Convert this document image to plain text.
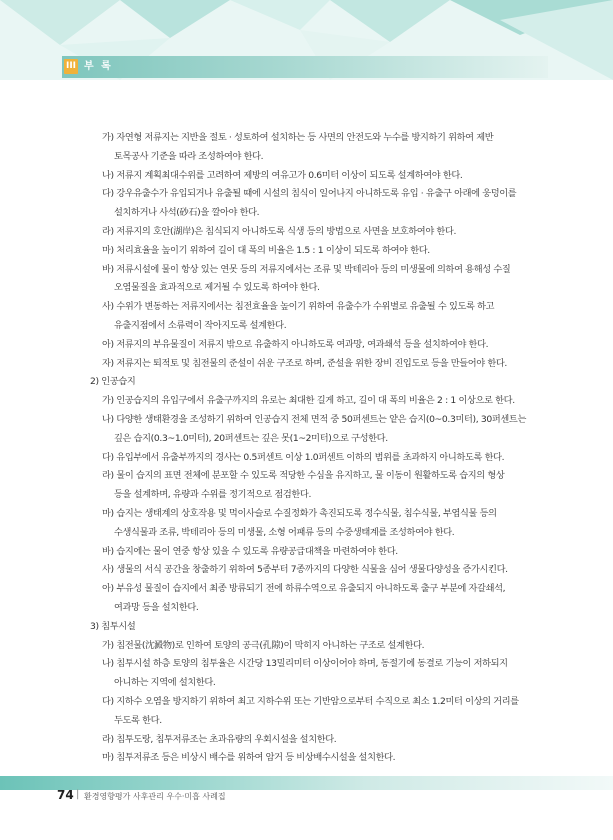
III 부 록
가) 자연형 저류지는 지반을 절토 · 성토하여 설치하는 등 사면의 안전도와 누수를 방지하기 위하여 제반
토목공사 기준을 따라 조성하여야 한다.
나) 저류지 계획최대수위를 고려하여 제방의 여유고가 0.6미터 이상이 되도록 설계하여야 한다.
다) 강우유출수가 유입되거나 유출될 때에 시설의 침식이 일어나지 아니하도록 유입 · 유출구 아래에 웅덩이를
설치하거나 사석(砂石)을 깔아야 한다.
라) 저류지의 호안(湖岸)은 침식되지 아니하도록 식생 등의 방법으로 사면을 보호하여야 한다.
마) 처리효율을 높이기 위하여 길이 대 폭의 비율은 1.5 : 1 이상이 되도록 하여야 한다.
바) 저류시설에 물이 항상 있는 연못 등의 저류지에서는 조류 및 박테리아 등의 미생물에 의하여 용해성 수질
오염물질을 효과적으로 제거될 수 있도록 하여야 한다.
사) 수위가 변동하는 저류지에서는 침전효율을 높이기 위하여 유출수가 수위별로 유출될 수 있도록 하고
유출지점에서 소류력이 작아지도록 설계한다.
아) 저류지의 부유물질이 저류지 밖으로 유출하지 아니하도록 여과망, 여과쇄석 등을 설치하여야 한다.
자) 저류지는 퇴적토 및 침전물의 준설이 쉬운 구조로 하며, 준설을 위한 장비 진입도로 등을 만들어야 한다.
2) 인공습지
가) 인공습지의 유입구에서 유출구까지의 유로는 최대한 길게 하고, 길이 대 폭의 비율은 2 : 1 이상으로 한다.
나) 다양한 생태환경을 조성하기 위하여 인공습지 전체 면적 중 50퍼센트는 얕은 습지(0~0.3미터), 30퍼센트는
깊은 습지(0.3~1.0미터), 20퍼센트는 깊은 못(1~2미터)으로 구성한다.
다) 유입부에서 유출부까지의 경사는 0.5퍼센트 이상 1.0퍼센트 이하의 범위를 초과하지 아니하도록 한다.
라) 물이 습지의 표면 전체에 분포할 수 있도록 적당한 수심을 유지하고, 물 이동이 원활하도록 습지의 형상
등을 설계하며, 유량과 수위를 정기적으로 점검한다.
마) 습지는 생태계의 상호작용 및 먹이사슬로 수질정화가 촉진되도록 정수식물, 침수식물, 부엽식물 등의
수생식물과 조류, 박테리아 등의 미생물, 소형 어패류 등의 수중생태계를 조성하여야 한다.
바) 습지에는 물이 연중 항상 있을 수 있도록 유량공급대책을 마련하여야 한다.
사) 생물의 서식 공간을 창출하기 위하여 5종부터 7종까지의 다양한 식물을 심어 생물다양성을 증가시킨다.
아) 부유성 물질이 습지에서 최종 방류되기 전에 하류수역으로 유출되지 아니하도록 출구 부분에 자갈쇄석,
여과망 등을 설치한다.
3) 침투시설
가) 침전물(沈澱物)로 인하여 토양의 공극(孔隙)이 막히지 아니하는 구조로 설계한다.
나) 침투시설 하층 토양의 침투율은 시간당 13밀리미터 이상이어야 하며, 동절기에 동결로 기능이 저하되지
아니하는 지역에 설치한다.
다) 지하수 오염을 방지하기 위하여 최고 지하수위 또는 기반암으로부터 수직으로 최소 1.2미터 이상의 거리를
두도록 한다.
라) 침투도랑, 침투저류조는 초과유량의 우회시설을 설치한다.
마) 침투저류조 등은 비상시 배수를 위하여 암거 등 비상배수시설을 설치한다.
74 | 환경영향평가 사후관리 우수·미흡 사례집
